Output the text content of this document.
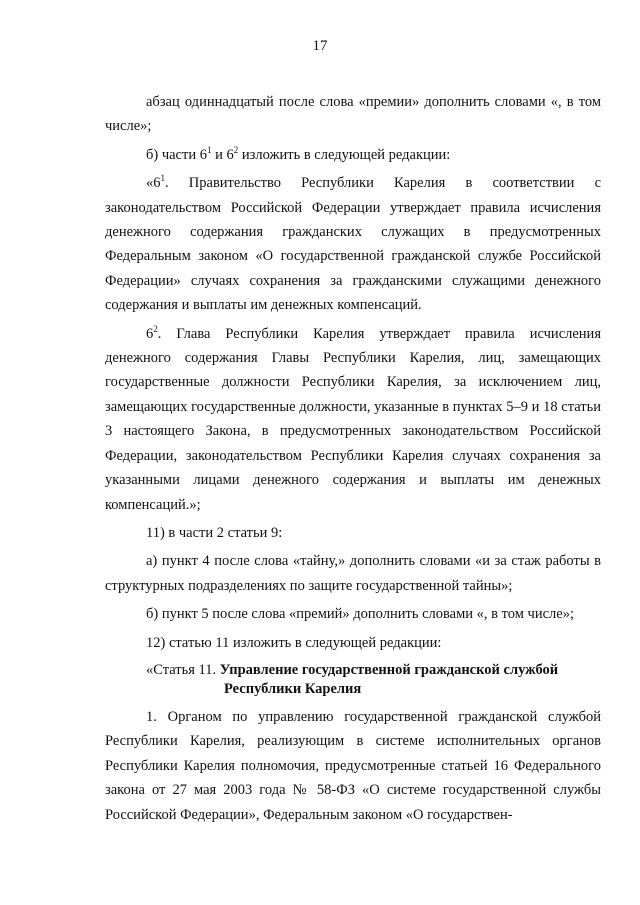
17

абзац одиннадцатый после слова «премии» дополнить словами «, в том числе»;

б) части $6^1$ и $6^2$ изложить в следующей редакции:

«$6^1$. Правительство Республики Карелия в соответствии с законодательством Российской Федерации утверждает правила исчисления денежного содержания гражданских служащих в предусмотренных Федеральным законом «О государственной гражданской службе Российской Федерации» случаях сохранения за гражданскими служащими денежного содержания и выплаты им денежных компенсаций.

$6^2$. Глава Республики Карелия утверждает правила исчисления денежного содержания Главы Республики Карелия, лиц, замещающих государственные должности Республики Карелия, за исключением лиц, замещающих государственные должности, указанные в пунктах 5–9 и 18 статьи 3 настоящего Закона, в предусмотренных законодательством Российской Федерации, законодательством Республики Карелия случаях сохранения за указанными лицами денежного содержания и выплаты им денежных компенсаций.»;

11) в части 2 статьи 9:

а) пункт 4 после слова «тайну,» дополнить словами «и за стаж работы в структурных подразделениях по защите государственной тайны»;

б) пункт 5 после слова «премий» дополнить словами «, в том числе»;

12) статью 11 изложить в следующей редакции:

«Статья 11. Управление государственной гражданской службой
Республики Карелия

1. Органом по управлению государственной гражданской службой Республики Карелия, реализующим в системе исполнительных органов Республики Карелия полномочия, предусмотренные статьей 16 Федерального закона от 27 мая 2003 года № 58-ФЗ «О системе государственной службы Российской Федерации», Федеральным законом «О государствен-
